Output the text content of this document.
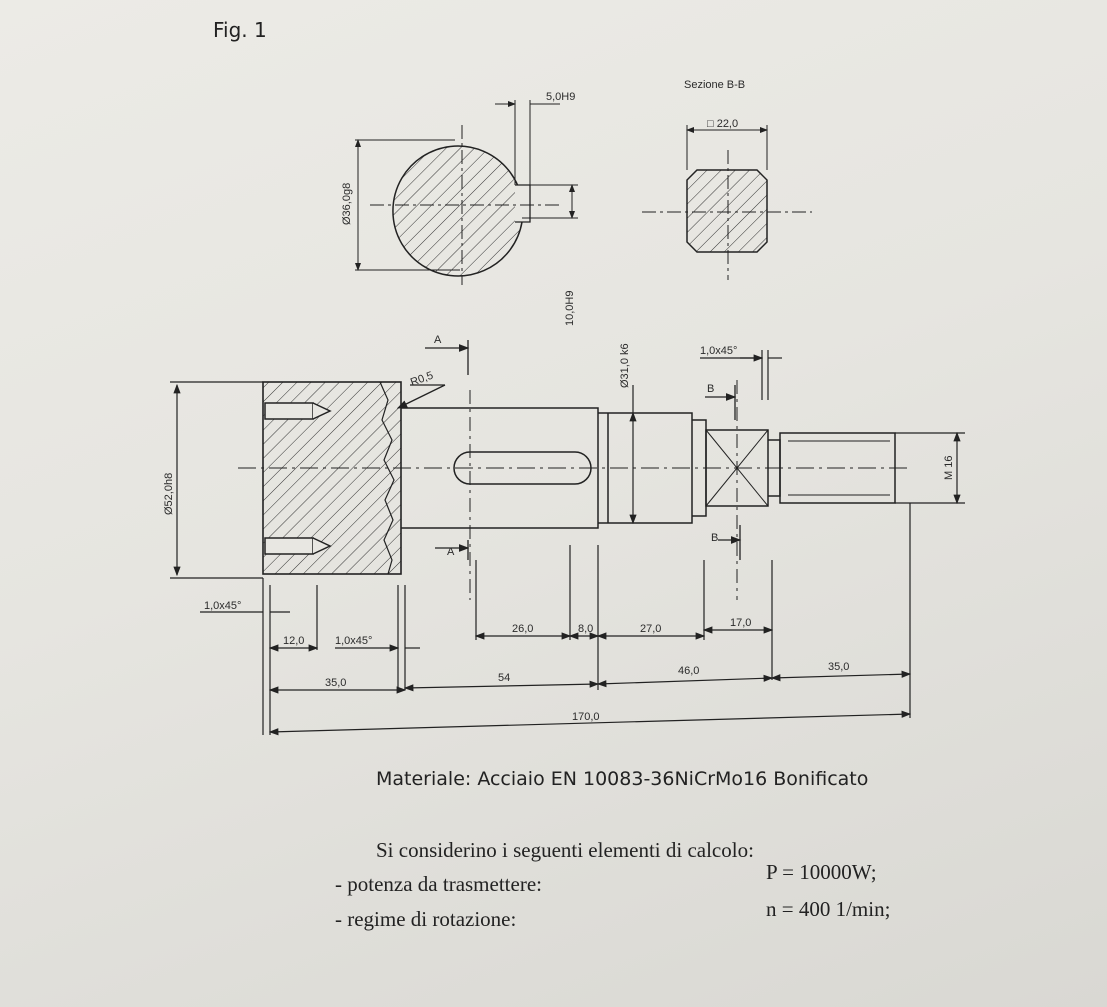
Fig. 1
5,0H9
Ø36,0g8
10,0H9
Sezione B-B
□ 22,0
A
A
B
B
R0,5	Ø31,0 k6	1,0x45°
M 16
Ø52,0h8
1,0x45°
12,0	1,0x45°
26,0	8,0	27,0	17,0
35,0	54
46,0	35,0
170,0
Materiale: Acciaio EN 10083-36NiCrMo16 Bonificato
Si considerino i seguenti elementi di calcolo:
- potenza da trasmettere:	P = 10000W;
- regime di rotazione:	n = 400 1/min;
